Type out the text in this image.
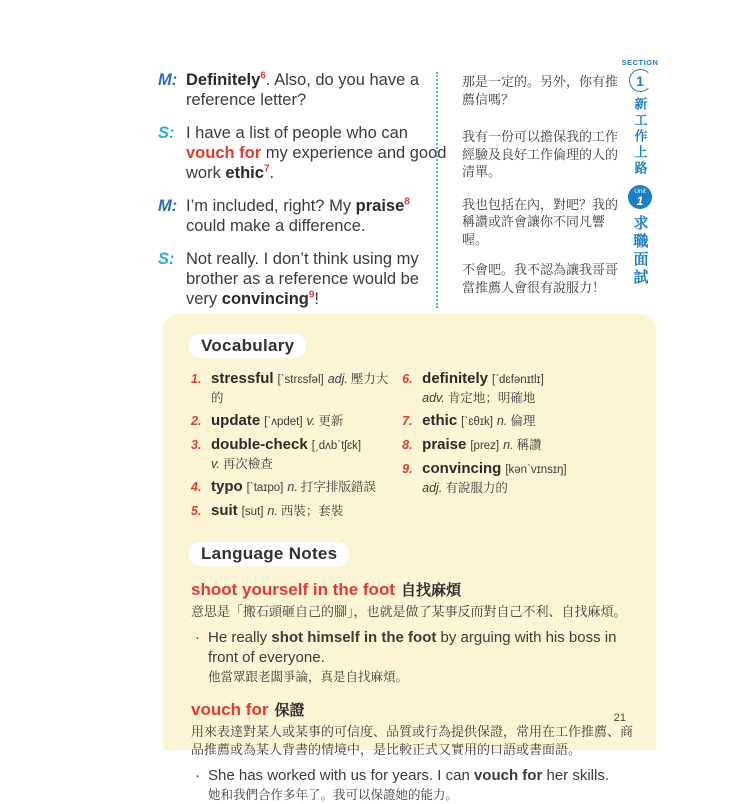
M: Definitely$^6$. Also, do you have a reference letter?
S: I have a list of people who can vouch for my experience and good work ethic$^7$.
M: I’m included, right? My praise$^8$ could make a difference.
S: Not really. I don’t think using my brother as a reference would be very convincing$^9$!

那是一定的。另外，你有推薦信嗎？

我有一份可以擔保我的工作經驗及良好工作倫理的人的清單。

我也包括在內，對吧？我的稱讚或許會讓你不同凡響喔。

不會吧。我不認為讓我哥哥當推薦人會很有說服力！

SECTION
1
新工作上路
Unit
1
求職面試
Vocabulary
1. stressful [ˋstrɛsfəl] adj. 壓力大的
2. update [ˋʌpdet] v. 更新
3. double-check [ˏdʌbˋtʃɛk]
v. 再次檢查
4. typo [ˋtaɪpo] n. 打字排版錯誤
5. suit [sut] n. 西裝；套裝
6. definitely [ˋdɛfənɪtlɪ]
adv. 肯定地；明確地
7. ethic [ˋɛθɪk] n. 倫理
8. praise [prez] n. 稱讚
9. convincing [kənˋvɪnsɪŋ]
adj. 有說服力的
Language Notes
shoot yourself in the foot 自找麻煩

意思是「搬石頭砸自己的腳」，也就是做了某事反而對自己不利、自找麻煩。

· He really shot himself in the foot by arguing with his boss in front of everyone.

他當眾跟老闆爭論，真是自找麻煩。

vouch for 保證

用來表達對某人或某事的可信度、品質或行為提供保證，常用在工作推薦、商品推薦或為某人背書的情境中，是比較正式又實用的口語或書面語。

· She has worked with us for years. I can vouch for her skills.

她和我們合作多年了。我可以保證她的能力。

21
